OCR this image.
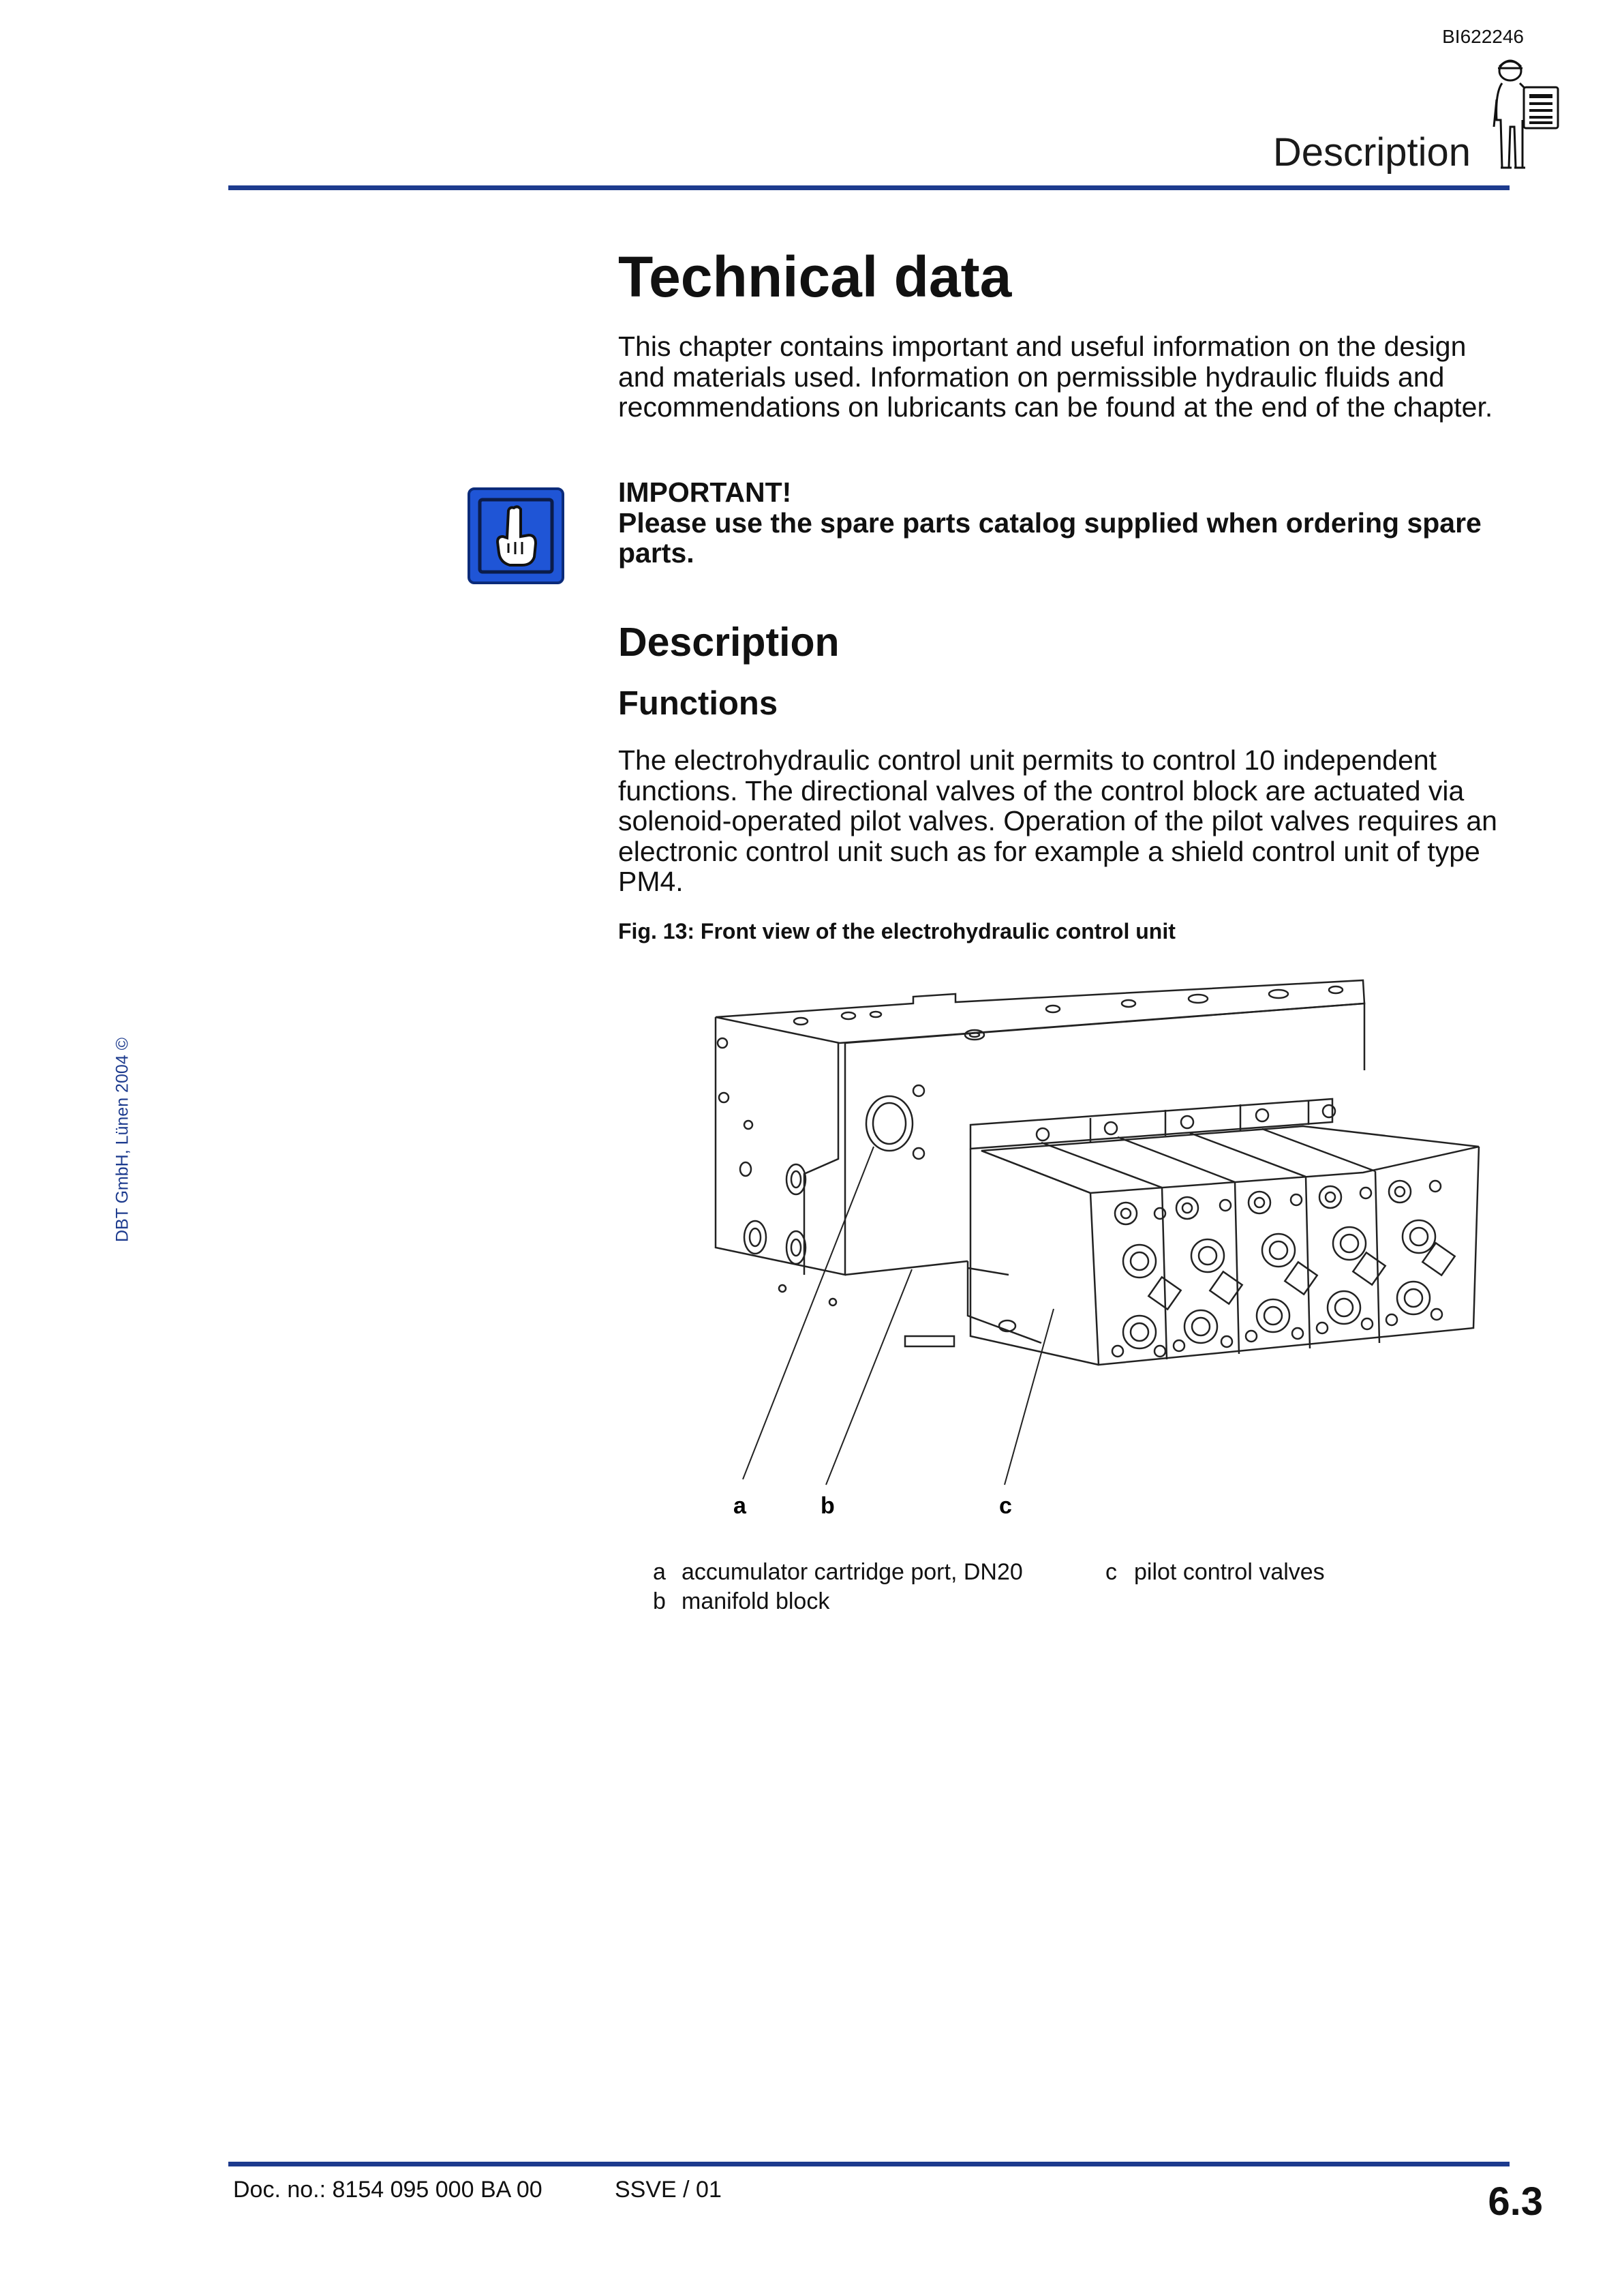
BI622246
Description
Technical data
This chapter contains important and useful information on the design and materials used. Information on permissible hydraulic fluids and recommendations on lubricants can be found at the end of the chapter.
IMPORTANT!
Please use the spare parts catalog supplied when ordering spare parts.
Description
Functions
The electrohydraulic control unit permits to control 10 independent functions. The directional valves of the control block are actuated via solenoid-operated pilot valves. Operation of the pilot valves requires an electronic control unit such as for example a shield control unit of type PM4.
Fig. 13: Front view of the electrohydraulic control unit
a	b	c
a accumulator cartridge port, DN20
b manifold block
c pilot control valves
DBT GmbH, Lünen 2004 ©
Doc. no.: 8154 095 000 BA 00	SSVE / 01	6.3
